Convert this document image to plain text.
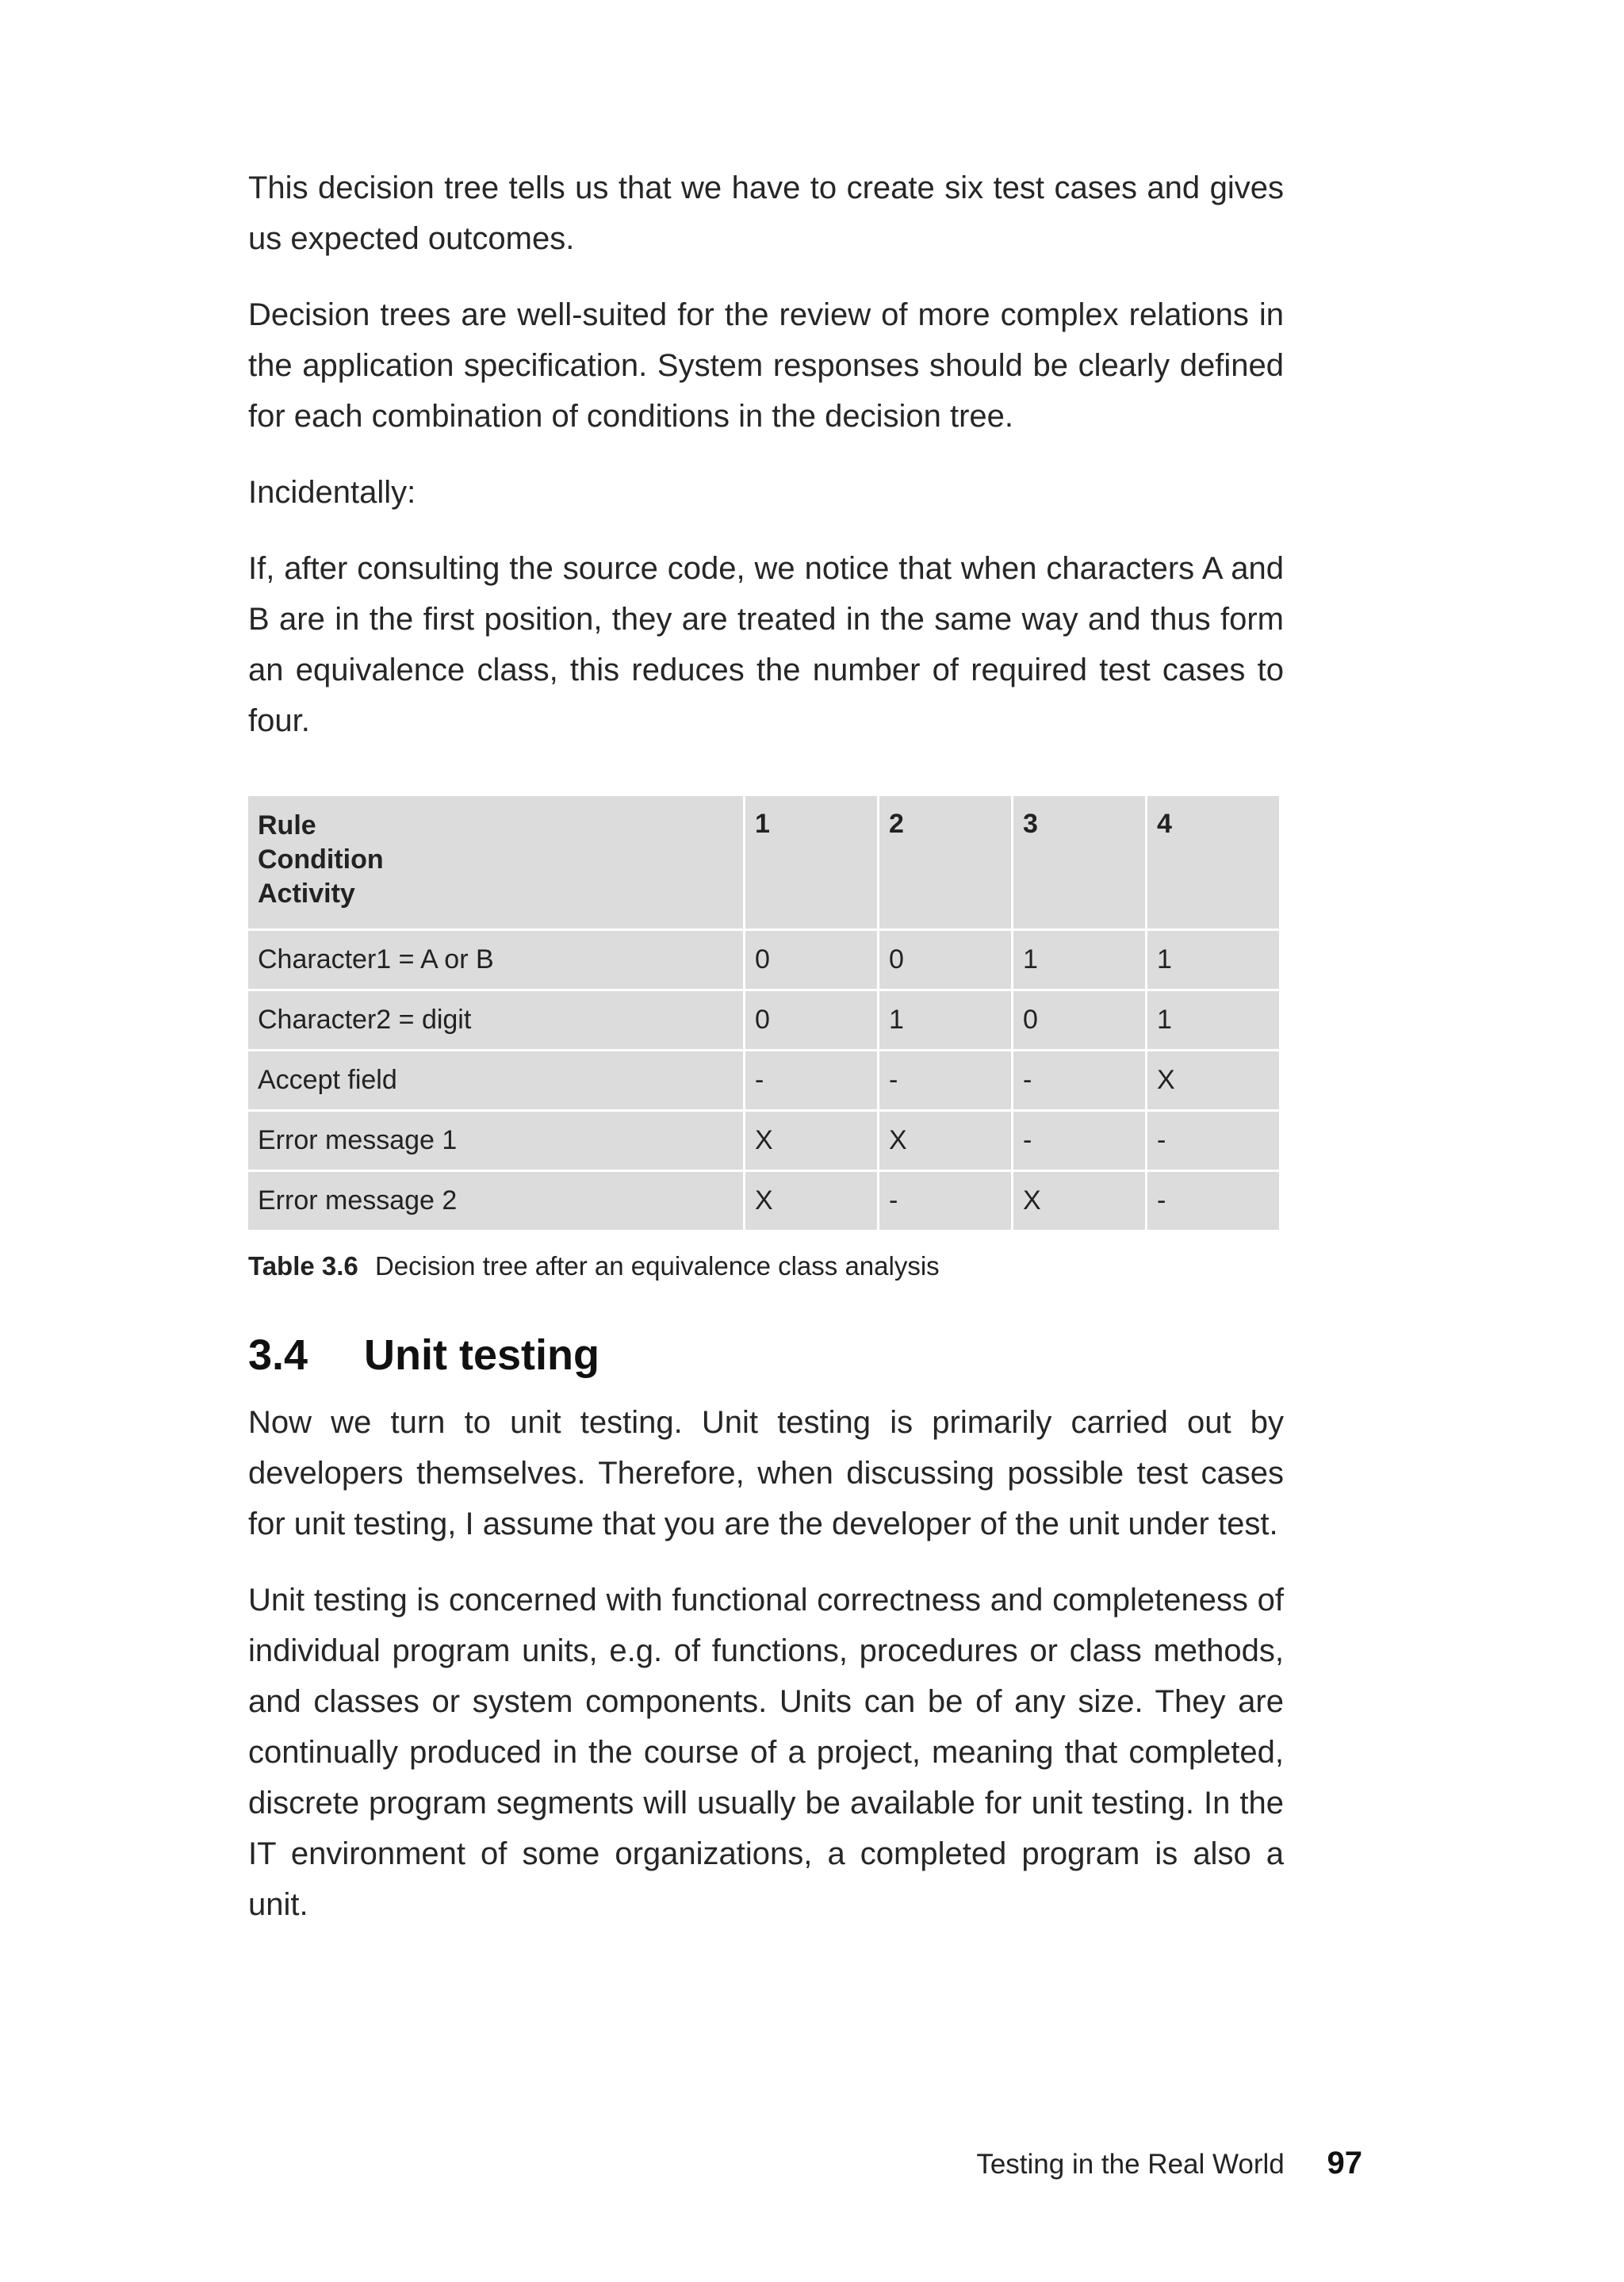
This decision tree tells us that we have to create six test cases and gives us expected outcomes.

Decision trees are well-suited for the review of more complex relations in the application specification. System responses should be clearly defined for each combination of conditions in the decision tree.

Incidentally:

If, after consulting the source code, we notice that when characters A and B are in the first position, they are treated in the same way and thus form an equivalence class, this reduces the number of required test cases to four.

Rule
Condition
Activity	1	2	3	4
Character1 = A or B	0	0	1	1
Character2 = digit	0	1	0	1
Accept field	-	-	-	X
Error message 1	X	X	-	-
Error message 2	X	-	X	-

Table 3.6 Decision tree after an equivalence class analysis

3.4 Unit testing

Now we turn to unit testing. Unit testing is primarily carried out by developers themselves. Therefore, when discussing possible test cases for unit testing, I assume that you are the developer of the unit under test.

Unit testing is concerned with functional correctness and completeness of individual program units, e.g. of functions, procedures or class methods, and classes or system components. Units can be of any size. They are continually produced in the course of a project, meaning that completed, discrete program segments will usually be available for unit testing. In the IT environment of some organizations, a completed program is also a unit.

Testing in the Real World 97
